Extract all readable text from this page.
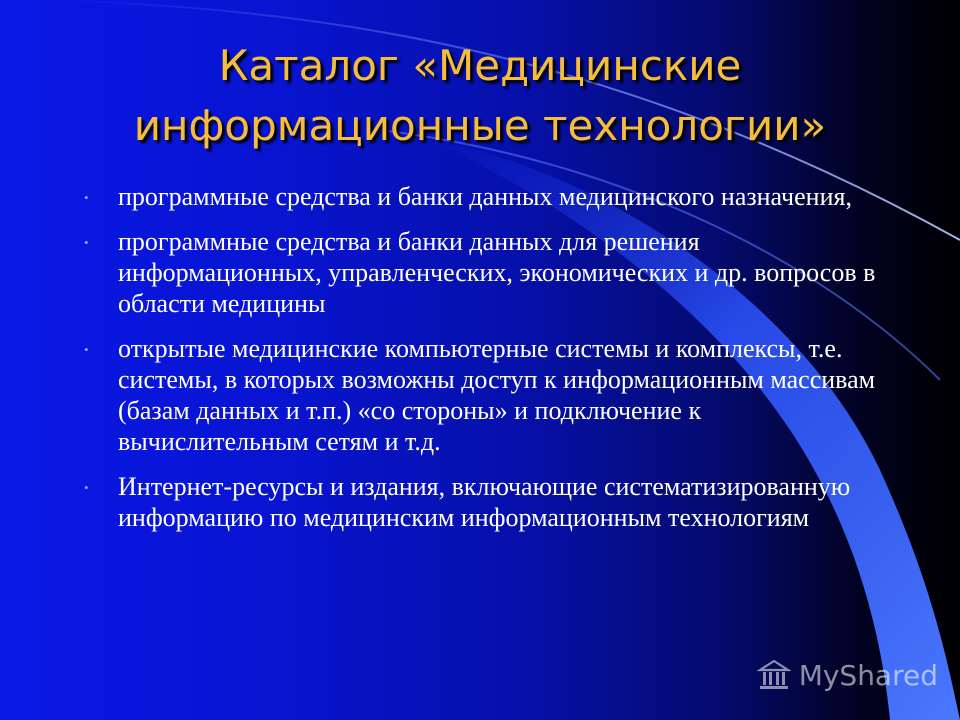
Каталог «Медицинские информационные технологии»
• программные средства и банки данных медицинского назначения,
• программные средства и банки данных для решения информационных, управленческих, экономических и др. вопросов в области медицины
• открытые медицинские компьютерные системы и комплексы, т.е. системы, в которых возможны доступ к информационным массивам (базам данных и т.п.) «со стороны» и подключение к вычислительным сетям и т.д.
• Интернет-ресурсы и издания, включающие систематизированную информацию по медицинским информационным технологиям
MyShared
